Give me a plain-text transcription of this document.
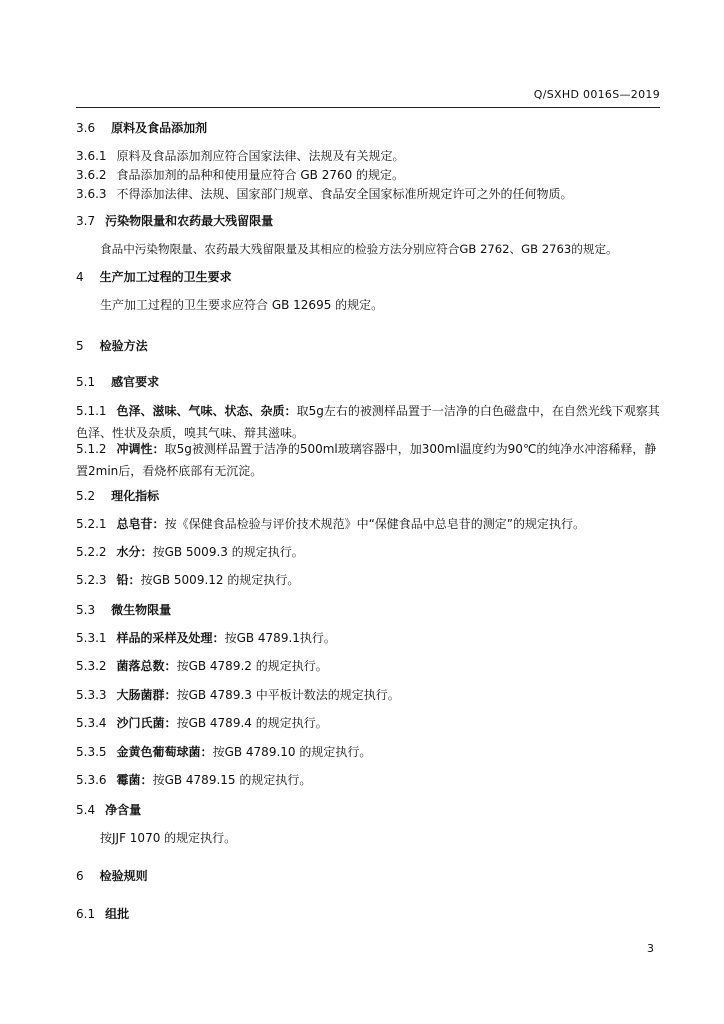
Q/SXHD 0016S—2019
3.6 原料及食品添加剂
3.6.1 原料及食品添加剂应符合国家法律、法规及有关规定。
3.6.2 食品添加剂的品种和使用量应符合 GB 2760 的规定。
3.6.3 不得添加法律、法规、国家部门规章、食品安全国家标准所规定许可之外的任何物质。
3.7 污染物限量和农药最大残留限量
食品中污染物限量、农药最大残留限量及其相应的检验方法分别应符合GB 2762、GB 2763的规定。
4 生产加工过程的卫生要求
生产加工过程的卫生要求应符合 GB 12695 的规定。
5 检验方法
5.1 感官要求
5.1.1 色泽、滋味、气味、状态、杂质：取5g左右的被测样品置于一洁净的白色磁盘中，在自然光线下观察其色泽、性状及杂质，嗅其气味、辩其滋味。
5.1.2 冲调性：取5g被测样品置于洁净的500ml玻璃容器中，加300ml温度约为90℃的纯净水冲溶稀释，静置2min后，看烧杯底部有无沉淀。
5.2 理化指标
5.2.1 总皂苷：按《保健食品检验与评价技术规范》中“保健食品中总皂苷的测定”的规定执行。
5.2.2 水分：按GB 5009.3 的规定执行。
5.2.3 铅：按GB 5009.12 的规定执行。
5.3 微生物限量
5.3.1 样品的采样及处理：按GB 4789.1执行。
5.3.2 菌落总数：按GB 4789.2 的规定执行。
5.3.3 大肠菌群：按GB 4789.3 中平板计数法的规定执行。
5.3.4 沙门氏菌：按GB 4789.4 的规定执行。
5.3.5 金黄色葡萄球菌：按GB 4789.10 的规定执行。
5.3.6 霉菌：按GB 4789.15 的规定执行。
5.4 净含量
按JJF 1070 的规定执行。
6 检验规则
6.1 组批
3
